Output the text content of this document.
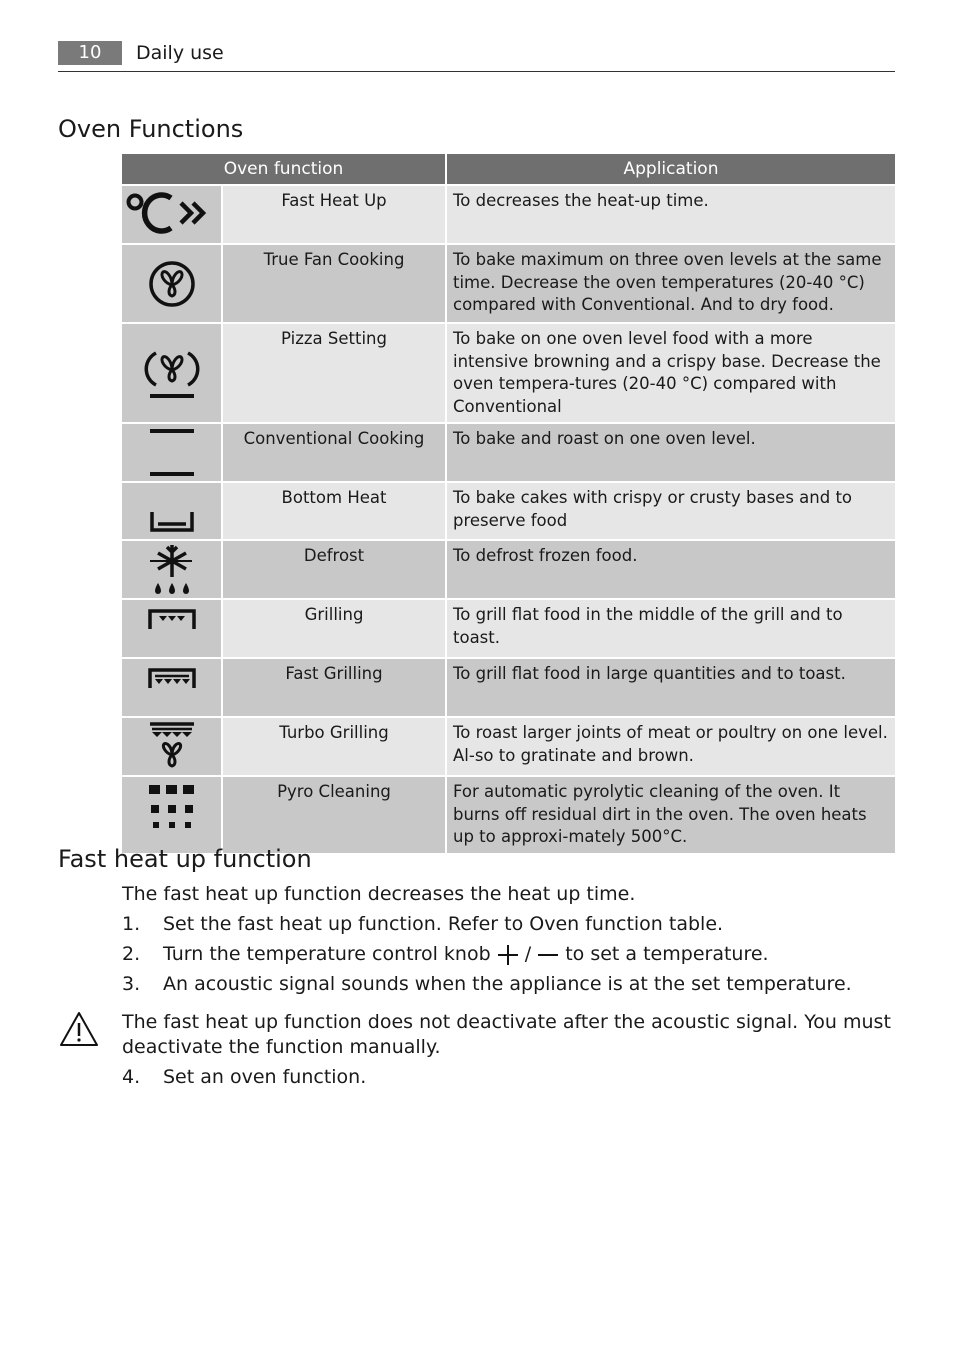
10	Daily use
Oven Functions
Oven function		Application

	Fast Heat Up	To decreases the heat-up time.

	True Fan Cooking	To bake maximum on three oven levels at the same time. Decrease the oven temperatures (20-40 °C) compared with Conventional. And to dry food.

	Pizza Setting	To bake on one oven level food with a more intensive browning and a crispy base. Decrease the oven tempera-tures (20-40 °C) compared with Conventional

	Conventional Cooking	To bake and roast on one oven level.

	Bottom Heat	To bake cakes with crispy or crusty bases and to preserve food

	Defrost	To defrost frozen food.

	Grilling	To grill flat food in the middle of the grill and to toast.

	Fast Grilling	To grill flat food in large quantities and to toast.

	Turbo Grilling	To roast larger joints of meat or poultry on one level. Al-so to gratinate and brown.

	Pyro Cleaning	For automatic pyrolytic cleaning of the oven. It burns off residual dirt in the oven. The oven heats up to approxi-mately 500°C.
Fast heat up function
The fast heat up function decreases the heat up time.
1. Set the fast heat up function. Refer to Oven function table.
2. Turn the temperature control knob / to set a temperature.
3. An acoustic signal sounds when the appliance is at the set temperature.
The fast heat up function does not deactivate after the acoustic signal. You must deactivate the function manually.
4. Set an oven function.
